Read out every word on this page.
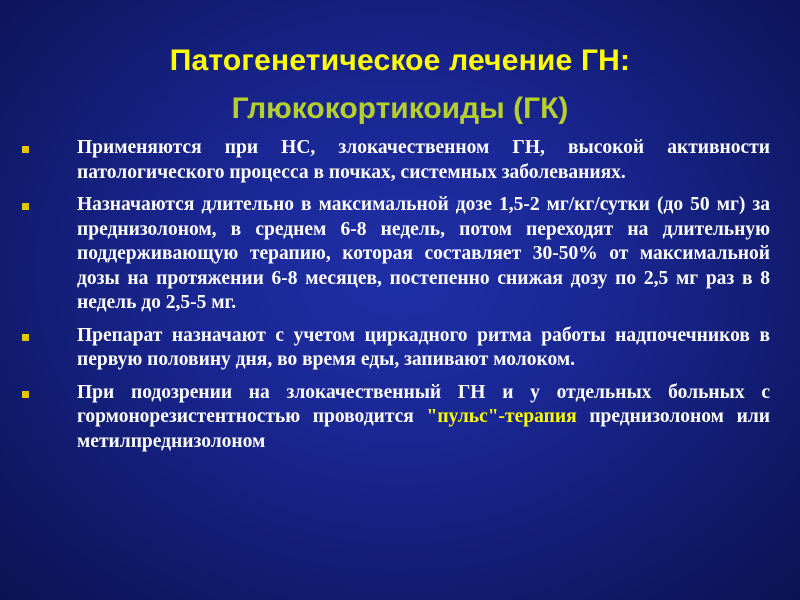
Патогенетическое лечение ГН:
Глюкокортикоиды (ГК)
Применяются при НС, злокачественном ГН, высокой активности патологического процесса в почках, системных заболеваниях.
Назначаются длительно в максимальной дозе 1,5-2 мг/кг/сутки (до 50 мг) за преднизолоном, в среднем 6-8 недель, потом переходят на длительную поддерживающую терапию, которая составляет 30-50% от максимальной дозы на протяжении 6-8 месяцев, постепенно снижая дозу по 2,5 мг раз в 8 недель до 2,5-5 мг.
Препарат назначают с учетом циркадного ритма работы надпочечников в первую половину дня, во время еды, запивают молоком.
При подозрении на злокачественный ГН и у отдельных больных с гормонорезистентностью проводится "пульс"-терапия преднизолоном или метилпреднизолоном
